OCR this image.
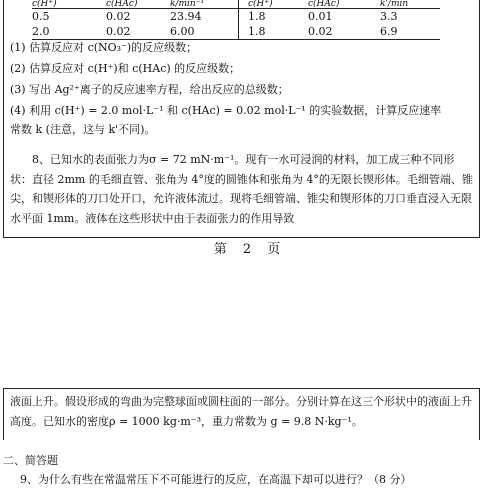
c(H⁺)	c(HAc)	k/min⁻¹		c(H⁺)	c(HAc)	k'/min
0.5	0.02	23.94		1.8	0.01	3.3
2.0	0.02	6.00		1.8	0.02	6.9
(1) 估算反应对 c(NO₃⁻)的反应级数；
(2) 估算反应对 c(H⁺)和 c(HAc) 的反应级数；
(3) 写出 Ag²⁺离子的反应速率方程，给出反应的总级数；
(4) 利用 c(H⁺) = 2.0 mol·L⁻¹ 和 c(HAc) = 0.02 mol·L⁻¹ 的实验数据，计算反应速率
常数 k (注意，这与 k'不同)。
8、已知水的表面张力为σ = 72 mN·m⁻¹。现有一水可浸润的材料，加工成三种不同形状：直径 2mm 的毛细直管、张角为 4°度的圆锥体和张角为 4°的无限长锲形体。毛细管端、锥尖，和锲形体的刀口处开口，允许液体流过。现将毛细管端、锥尖和锲形体的刀口垂直浸入无限水平面 1mm。液体在这些形状中由于表面张力的作用导致
第 2 页
液面上升。假设形成的弯曲为完整球面或圆柱面的一部分。分别计算在这三个形状中的液面上升高度。已知水的密度ρ = 1000 kg·m⁻³，重力常数为 g = 9.8 N·kg⁻¹。
二、简答题
9、为什么有些在常温常压下不可能进行的反应，在高温下却可以进行？（8 分）
